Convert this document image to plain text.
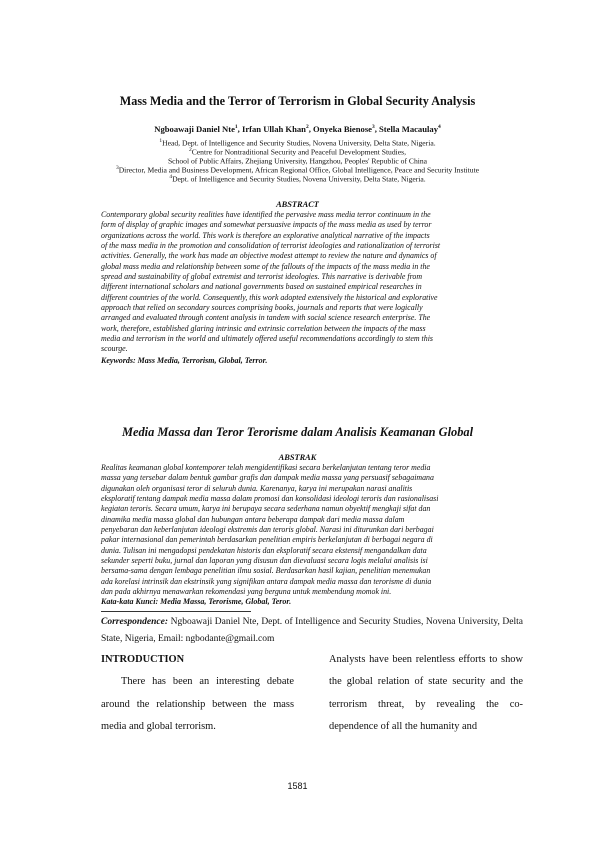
Mass Media and the Terror of Terrorism in Global Security Analysis
Ngboawaji Daniel Nte$^1$, Irfan Ullah Khan$^2$, Onyeka Bienose$^3$, Stella Macaulay$^4$
$^1$Head, Dept. of Intelligence and Security Studies, Novena University, Delta State, Nigeria.
$^2$Centre for Nontraditional Security and Peaceful Development Studies,
School of Public Affairs, Zhejiang University, Hangzhou, Peoples' Republic of China
$^3$Director, Media and Business Development, African Regional Office, Global Intelligence, Peace and Security Institute
$^4$Dept. of Intelligence and Security Studies, Novena University, Delta State, Nigeria.
ABSTRACT
Contemporary global security realities have identified the pervasive mass media terror continuum in the
form of display of graphic images and somewhat persuasive impacts of the mass media as used by terror
organizations across the world. This work is therefore an explorative analytical narrative of the impacts
of the mass media in the promotion and consolidation of terrorist ideologies and rationalization of terrorist
activities. Generally, the work has made an objective modest attempt to review the nature and dynamics of
global mass media and relationship between some of the fallouts of the impacts of the mass media in the
spread and sustainability of global extremist and terrorist ideologies. This narrative is derivable from
different international scholars and national governments based on sustained empirical researches in
different countries of the world. Consequently, this work adopted extensively the historical and explorative
approach that relied on secondary sources comprising books, journals and reports that were logically
arranged and evaluated through content analysis in tandem with social science research enterprise. The
work, therefore, established glaring intrinsic and extrinsic correlation between the impacts of the mass
media and terrorism in the world and ultimately offered useful recommendations accordingly to stem this
scourge.
Keywords: Mass Media, Terrorism, Global, Terror.
Media Massa dan Teror Terorisme dalam Analisis Keamanan Global
ABSTRAK
Realitas keamanan global kontemporer telah mengidentifikasi secara berkelanjutan tentang teror media
massa yang tersebar dalam bentuk gambar grafis dan dampak media massa yang persuasif sebagaimana
digunakan oleh organisasi teror di seluruh dunia. Karenanya, karya ini merupakan narasi analitis
eksploratif tentang dampak media massa dalam promosi dan konsolidasi ideologi teroris dan rasionalisasi
kegiatan teroris. Secara umum, karya ini berupaya secara sederhana namun obyektif mengkaji sifat dan
dinamika media massa global dan hubungan antara beberapa dampak dari media massa dalam
penyebaran dan keberlanjutan ideologi ekstremis dan teroris global. Narasi ini diturunkan dari berbagai
pakar internasional dan pemerintah berdasarkan penelitian empiris berkelanjutan di berbagai negara di
dunia. Tulisan ini mengadopsi pendekatan historis dan eksploratif secara ekstensif mengandalkan data
sekunder seperti buku, jurnal dan laporan yang disusun dan dievaluasi secara logis melalui analisis isi
bersama-sama dengan lembaga penelitian ilmu sosial. Berdasarkan hasil kajian, penelitian menemukan
ada korelasi intrinsik dan ekstrinsik yang signifikan antara dampak media massa dan terorisme di dunia
dan pada akhirnya menawarkan rekomendasi yang berguna untuk membendung momok ini.
Kata-kata Kunci: Media Massa, Terorisme, Global, Teror.
Correspondence: Ngboawaji Daniel Nte, Dept. of Intelligence and Security Studies, Novena University, Delta State, Nigeria, Email: ngbodante@gmail.com
INTRODUCTION
There has been an interesting debate around the relationship between the mass media and global terrorism.
Analysts have been relentless efforts to show the global relation of state security and the terrorism threat, by revealing the co-dependence of all the humanity and
1581
